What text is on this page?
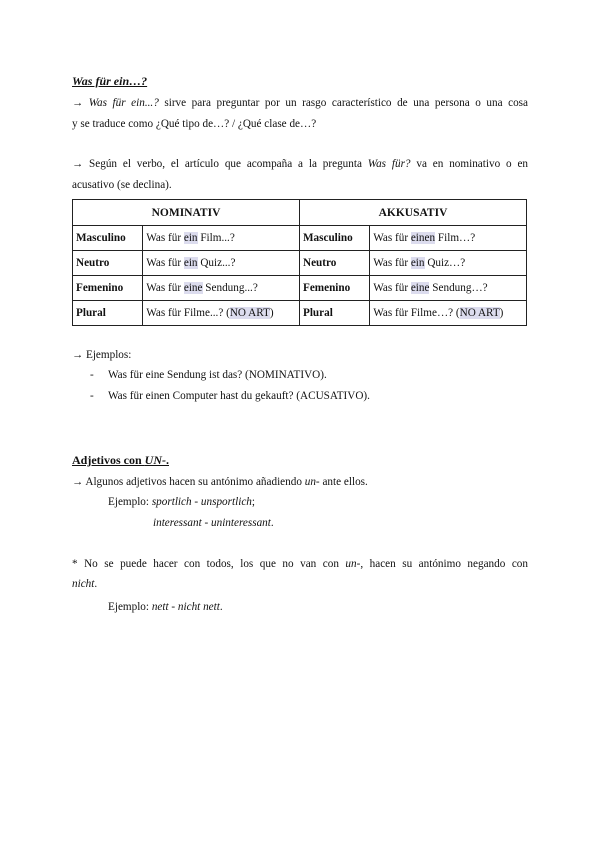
Was für ein…?
→ Was für ein...? sirve para preguntar por un rasgo característico de una persona o una cosa
y se traduce como ¿Qué tipo de…? / ¿Qué clase de…?
→ Según el verbo, el artículo que acompaña a la pregunta Was für? va en nominativo o en
acusativo (se declina).
NOMINATIV		AKKUSATIV	
Masculino	Was für ein Film...?	Masculino	Was für einen Film…?
Neutro	Was für ein Quiz...?	Neutro	Was für ein Quiz…?
Femenino	Was für eine Sendung...?	Femenino	Was für eine Sendung…?
Plural	Was für Filme...? (NO ART)	Plural	Was für Filme…? (NO ART)
→ Ejemplos:
- Was für eine Sendung ist das? (NOMINATIVO).
- Was für einen Computer hast du gekauft? (ACUSATIVO).
Adjetivos con UN-.
→ Algunos adjetivos hacen su antónimo añadiendo un- ante ellos.
Ejemplo: sportlich - unsportlich;
interessant - uninteressant.
* No se puede hacer con todos, los que no van con un-, hacen su antónimo negando con
nicht.
Ejemplo: nett - nicht nett.
